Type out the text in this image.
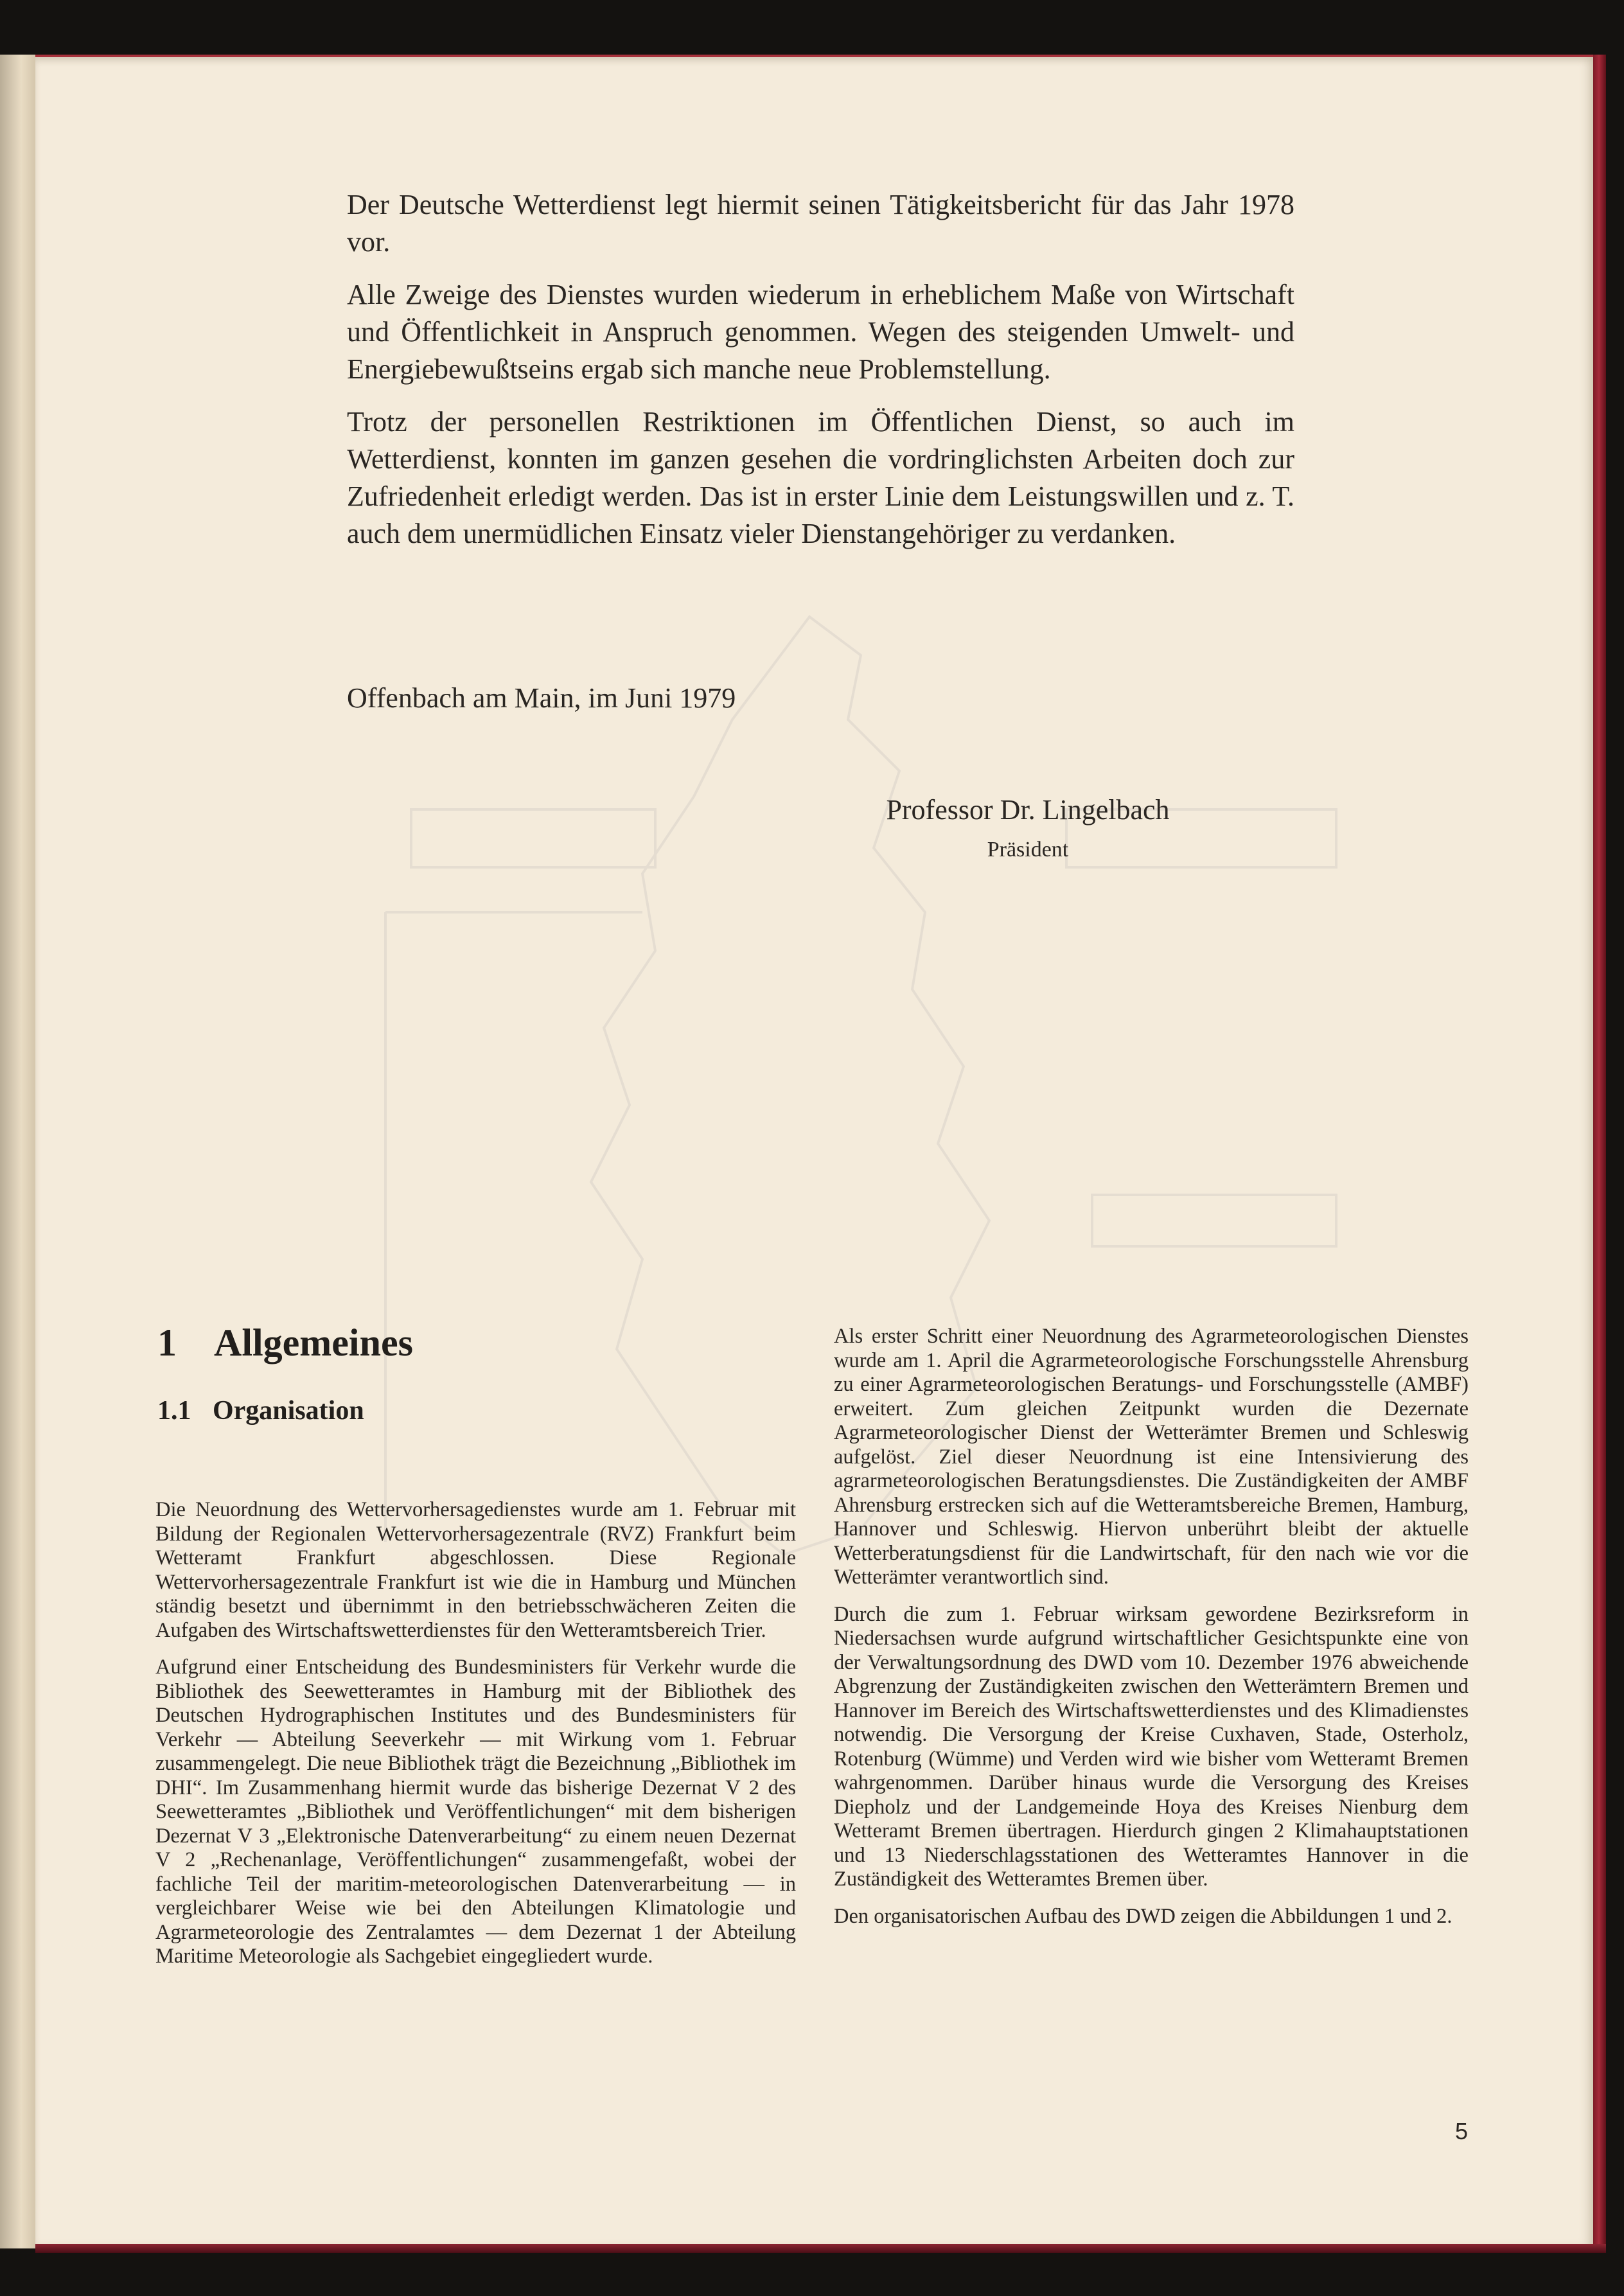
Der Deutsche Wetterdienst legt hiermit seinen Tätigkeitsbericht für das Jahr 1978 vor.

Alle Zweige des Dienstes wurden wiederum in erheblichem Maße von Wirtschaft und Öffentlichkeit in Anspruch genommen. Wegen des steigenden Umwelt- und Energiebewußtseins ergab sich manche neue Problemstellung.

Trotz der personellen Restriktionen im Öffentlichen Dienst, so auch im Wetterdienst, konnten im ganzen gesehen die vordringlichsten Arbeiten doch zur Zufriedenheit erledigt werden. Das ist in erster Linie dem Leistungswillen und z. T. auch dem unermüdlichen Einsatz vieler Dienstangehöriger zu verdanken.

Offenbach am Main, im Juni 1979
Professor Dr. Lingelbach
Präsident
1 Allgemeines
1.1 Organisation

Die Neuordnung des Wettervorhersagedienstes wurde am 1. Februar mit Bildung der Regionalen Wettervorhersagezentrale (RVZ) Frankfurt beim Wetteramt Frankfurt abgeschlossen. Diese Regionale Wettervorhersagezentrale Frankfurt ist wie die in Hamburg und München ständig besetzt und übernimmt in den betriebsschwächeren Zeiten die Aufgaben des Wirtschaftswetterdienstes für den Wetteramtsbereich Trier.

Aufgrund einer Entscheidung des Bundesministers für Verkehr wurde die Bibliothek des Seewetteramtes in Hamburg mit der Bibliothek des Deutschen Hydrographischen Institutes und des Bundesministers für Verkehr — Abteilung Seeverkehr — mit Wirkung vom 1. Februar zusammengelegt. Die neue Bibliothek trägt die Bezeichnung „Bibliothek im DHI“. Im Zusammenhang hiermit wurde das bisherige Dezernat V 2 des Seewetteramtes „Bibliothek und Veröffentlichungen“ mit dem bisherigen Dezernat V 3 „Elektronische Datenverarbeitung“ zu einem neuen Dezernat V 2 „Rechenanlage, Veröffentlichungen“ zusammengefaßt, wobei der fachliche Teil der maritim-meteorologischen Datenverarbeitung — in vergleichbarer Weise wie bei den Abteilungen Klimatologie und Agrarmeteorologie des Zentralamtes — dem Dezernat 1 der Abteilung Maritime Meteorologie als Sachgebiet eingegliedert wurde.

Als erster Schritt einer Neuordnung des Agrarmeteorologischen Dienstes wurde am 1. April die Agrarmeteorologische Forschungsstelle Ahrensburg zu einer Agrarmeteorologischen Beratungs- und Forschungsstelle (AMBF) erweitert. Zum gleichen Zeitpunkt wurden die Dezernate Agrarmeteorologischer Dienst der Wetterämter Bremen und Schleswig aufgelöst. Ziel dieser Neuordnung ist eine Intensivierung des agrarmeteorologischen Beratungsdienstes. Die Zuständigkeiten der AMBF Ahrensburg erstrecken sich auf die Wetteramtsbereiche Bremen, Hamburg, Hannover und Schleswig. Hiervon unberührt bleibt der aktuelle Wetterberatungsdienst für die Landwirtschaft, für den nach wie vor die Wetterämter verantwortlich sind.

Durch die zum 1. Februar wirksam gewordene Bezirksreform in Niedersachsen wurde aufgrund wirtschaftlicher Gesichtspunkte eine von der Verwaltungsordnung des DWD vom 10. Dezember 1976 abweichende Abgrenzung der Zuständigkeiten zwischen den Wetterämtern Bremen und Hannover im Bereich des Wirtschaftswetterdienstes und des Klimadienstes notwendig. Die Versorgung der Kreise Cuxhaven, Stade, Osterholz, Rotenburg (Wümme) und Verden wird wie bisher vom Wetteramt Bremen wahrgenommen. Darüber hinaus wurde die Versorgung des Kreises Diepholz und der Landgemeinde Hoya des Kreises Nienburg dem Wetteramt Bremen übertragen. Hierdurch gingen 2 Klimahauptstationen und 13 Niederschlagsstationen des Wetteramtes Hannover in die Zuständigkeit des Wetteramtes Bremen über.

Den organisatorischen Aufbau des DWD zeigen die Abbildungen 1 und 2.

5
